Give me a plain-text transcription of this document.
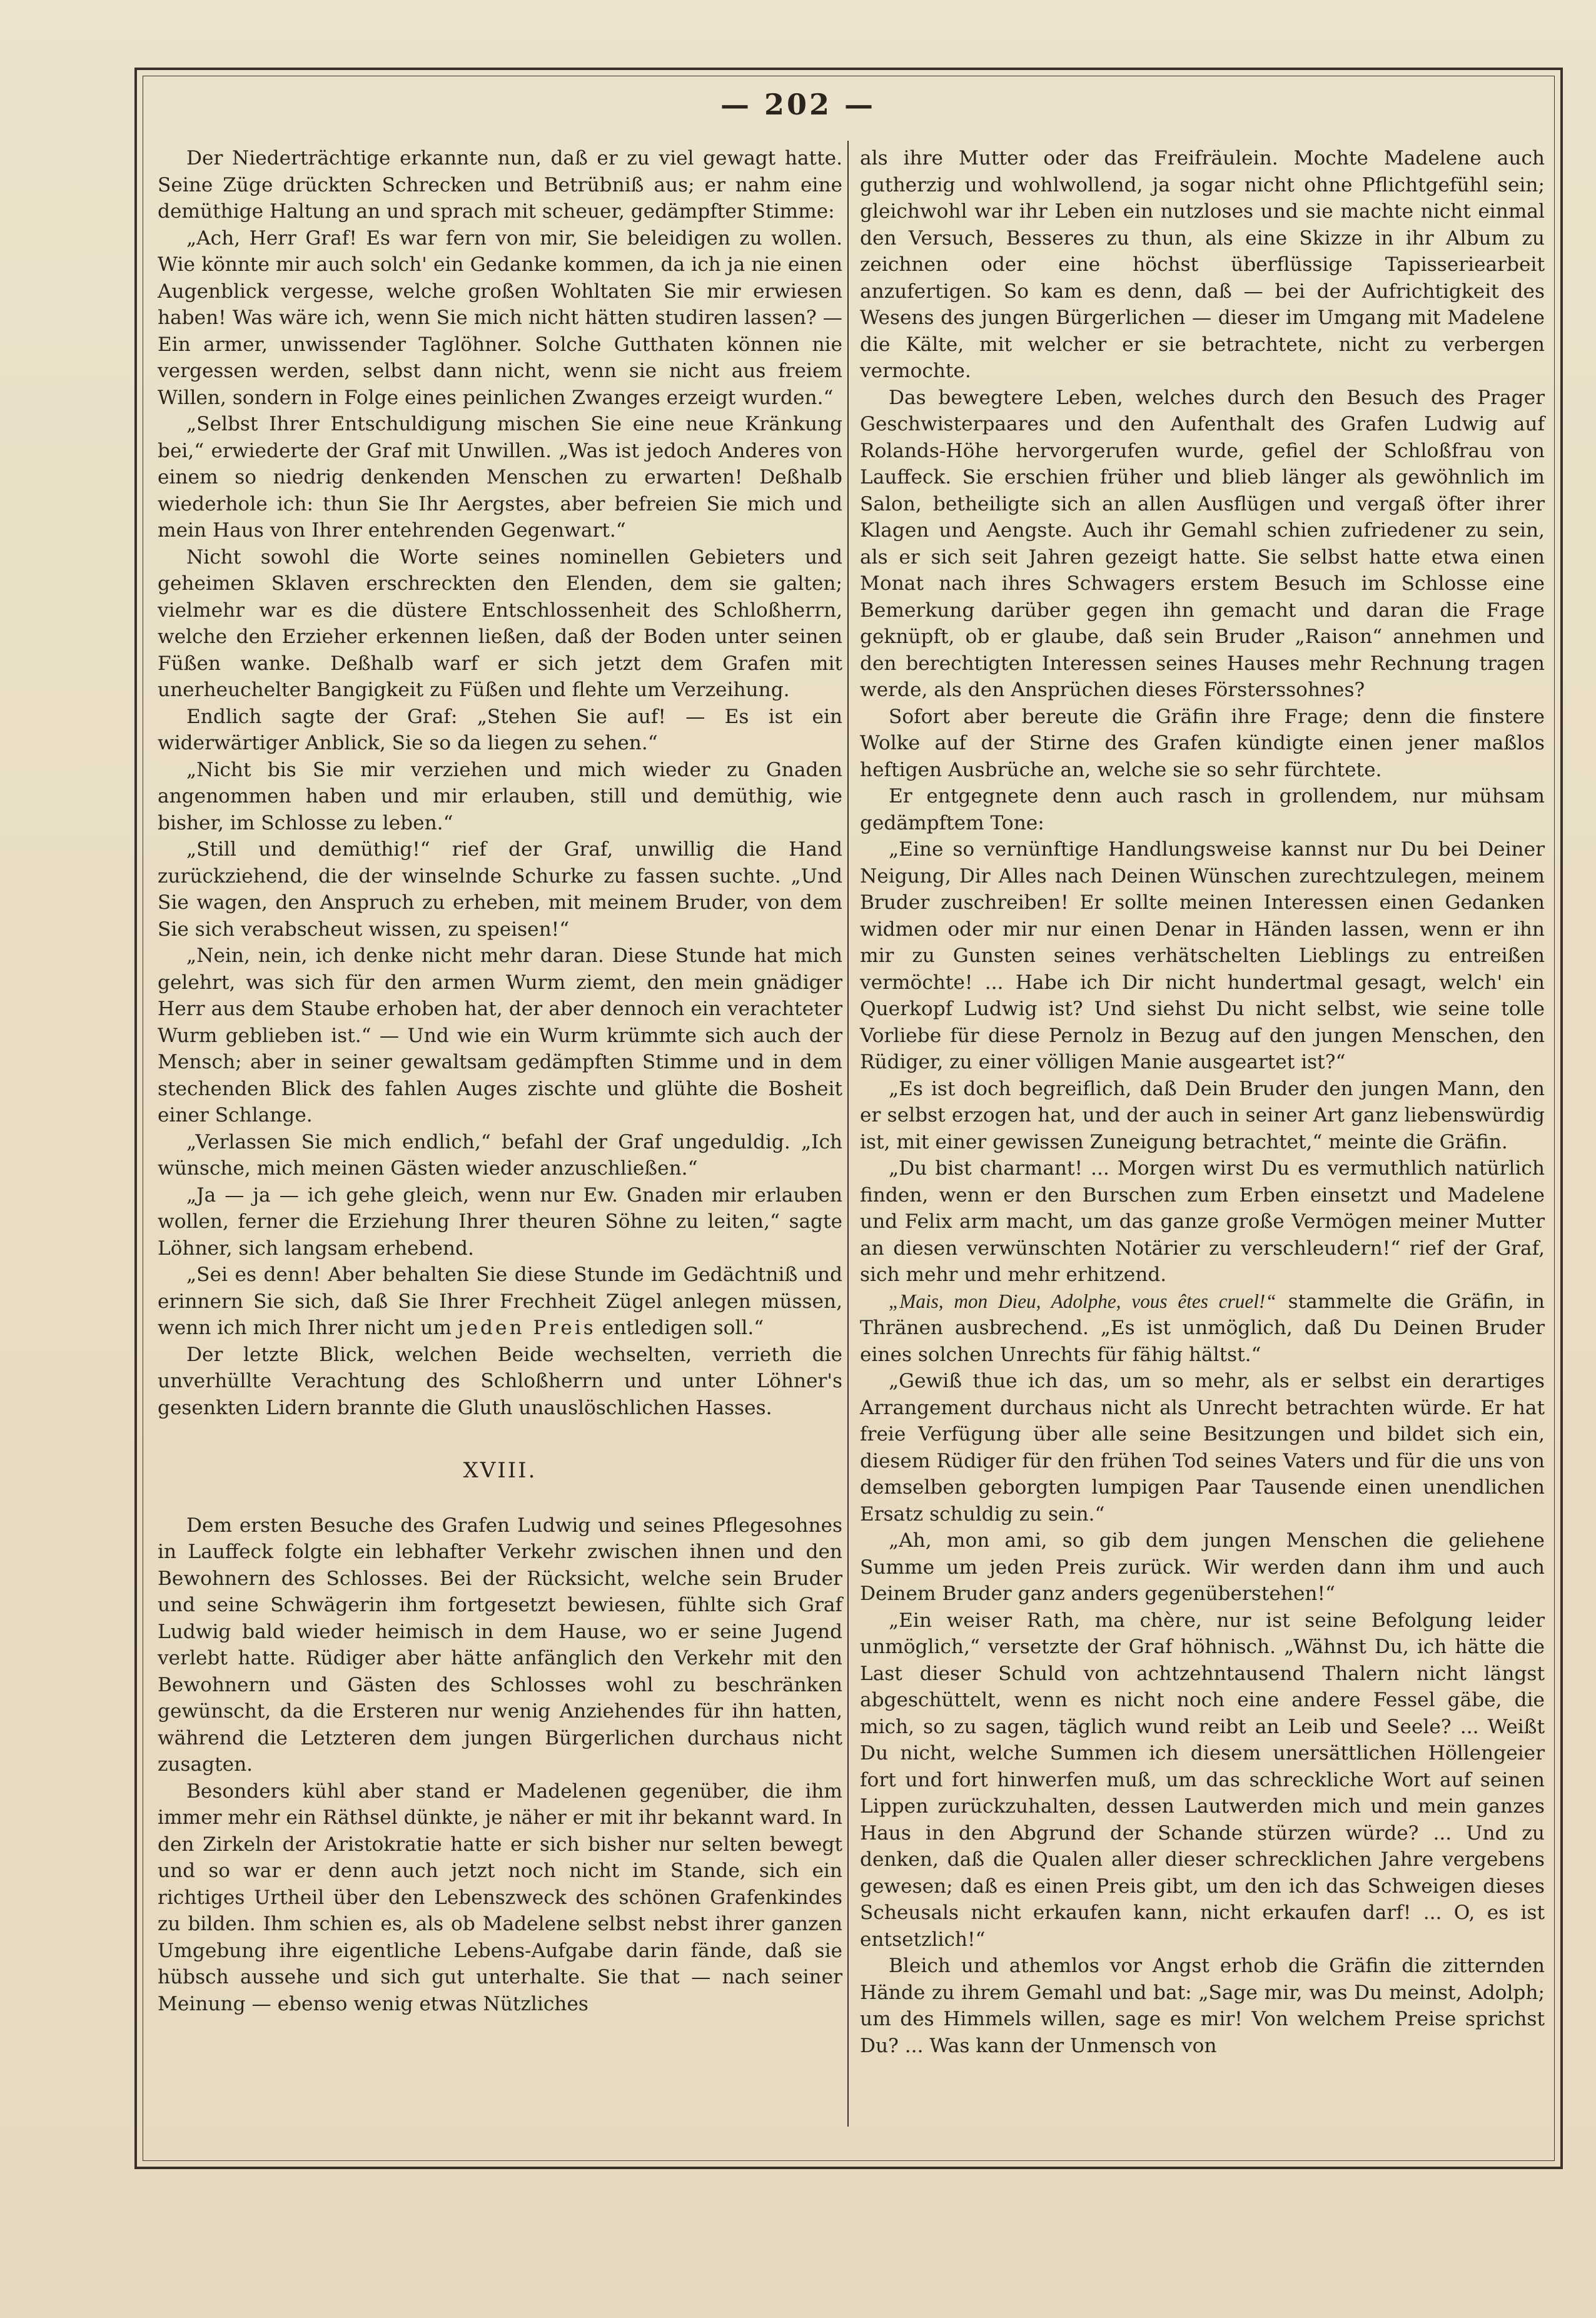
— 202 —

Der Niederträchtige erkannte nun, daß er zu viel gewagt hatte. Seine Züge drückten Schrecken und Betrübniß aus; er nahm eine demüthige Haltung an und sprach mit scheuer, gedämpfter Stimme:

„Ach, Herr Graf! Es war fern von mir, Sie beleidigen zu wollen. Wie könnte mir auch solch' ein Gedanke kommen, da ich ja nie einen Augenblick vergesse, welche großen Wohltaten Sie mir erwiesen haben! Was wäre ich, wenn Sie mich nicht hätten studiren lassen? — Ein armer, unwissender Taglöhner. Solche Gutthaten können nie vergessen werden, selbst dann nicht, wenn sie nicht aus freiem Willen, sondern in Folge eines peinlichen Zwanges erzeigt wurden.“

„Selbst Ihrer Entschuldigung mischen Sie eine neue Kränkung bei,“ erwiederte der Graf mit Unwillen. „Was ist jedoch Anderes von einem so niedrig denkenden Menschen zu erwarten! Deßhalb wiederhole ich: thun Sie Ihr Aergstes, aber befreien Sie mich und mein Haus von Ihrer entehrenden Gegenwart.“

Nicht sowohl die Worte seines nominellen Gebieters und geheimen Sklaven erschreckten den Elenden, dem sie galten; vielmehr war es die düstere Entschlossenheit des Schloßherrn, welche den Erzieher erkennen ließen, daß der Boden unter seinen Füßen wanke. Deßhalb warf er sich jetzt dem Grafen mit unerheuchelter Bangigkeit zu Füßen und flehte um Verzeihung.

Endlich sagte der Graf: „Stehen Sie auf! — Es ist ein widerwärtiger Anblick, Sie so da liegen zu sehen.“

„Nicht bis Sie mir verziehen und mich wieder zu Gnaden angenommen haben und mir erlauben, still und demüthig, wie bisher, im Schlosse zu leben.“

„Still und demüthig!“ rief der Graf, unwillig die Hand zurückziehend, die der winselnde Schurke zu fassen suchte. „Und Sie wagen, den Anspruch zu erheben, mit meinem Bruder, von dem Sie sich verabscheut wissen, zu speisen!“

„Nein, nein, ich denke nicht mehr daran. Diese Stunde hat mich gelehrt, was sich für den armen Wurm ziemt, den mein gnädiger Herr aus dem Staube erhoben hat, der aber dennoch ein verachteter Wurm geblieben ist.“ — Und wie ein Wurm krümmte sich auch der Mensch; aber in seiner gewaltsam gedämpften Stimme und in dem stechenden Blick des fahlen Auges zischte und glühte die Bosheit einer Schlange.

„Verlassen Sie mich endlich,“ befahl der Graf ungeduldig. „Ich wünsche, mich meinen Gästen wieder anzuschließen.“

„Ja — ja — ich gehe gleich, wenn nur Ew. Gnaden mir erlauben wollen, ferner die Erziehung Ihrer theuren Söhne zu leiten,“ sagte Löhner, sich langsam erhebend.

„Sei es denn! Aber behalten Sie diese Stunde im Gedächtniß und erinnern Sie sich, daß Sie Ihrer Frechheit Zügel anlegen müssen, wenn ich mich Ihrer nicht um jeden Preis entledigen soll.“

Der letzte Blick, welchen Beide wechselten, verrieth die unverhüllte Verachtung des Schloßherrn und unter Löhner's gesenkten Lidern brannte die Gluth unauslöschlichen Hasses.

XVIII.

Dem ersten Besuche des Grafen Ludwig und seines Pflegesohnes in Lauffeck folgte ein lebhafter Verkehr zwischen ihnen und den Bewohnern des Schlosses. Bei der Rücksicht, welche sein Bruder und seine Schwägerin ihm fortgesetzt bewiesen, fühlte sich Graf Ludwig bald wieder heimisch in dem Hause, wo er seine Jugend verlebt hatte. Rüdiger aber hätte anfänglich den Verkehr mit den Bewohnern und Gästen des Schlosses wohl zu beschränken gewünscht, da die Ersteren nur wenig Anziehendes für ihn hatten, während die Letzteren dem jungen Bürgerlichen durchaus nicht zusagten.

Besonders kühl aber stand er Madelenen gegenüber, die ihm immer mehr ein Räthsel dünkte, je näher er mit ihr bekannt ward. In den Zirkeln der Aristokratie hatte er sich bisher nur selten bewegt und so war er denn auch jetzt noch nicht im Stande, sich ein richtiges Urtheil über den Lebenszweck des schönen Grafenkindes zu bilden. Ihm schien es, als ob Madelene selbst nebst ihrer ganzen Umgebung ihre eigentliche Lebens-Aufgabe darin fände, daß sie hübsch aussehe und sich gut unterhalte. Sie that — nach seiner Meinung — ebenso wenig etwas Nützliches

als ihre Mutter oder das Freifräulein. Mochte Madelene auch gutherzig und wohlwollend, ja sogar nicht ohne Pflichtgefühl sein; gleichwohl war ihr Leben ein nutzloses und sie machte nicht einmal den Versuch, Besseres zu thun, als eine Skizze in ihr Album zu zeichnen oder eine höchst überflüssige Tapisseriearbeit anzufertigen. So kam es denn, daß — bei der Aufrichtigkeit des Wesens des jungen Bürgerlichen — dieser im Umgang mit Madelene die Kälte, mit welcher er sie betrachtete, nicht zu verbergen vermochte.

Das bewegtere Leben, welches durch den Besuch des Prager Geschwisterpaares und den Aufenthalt des Grafen Ludwig auf Rolands-Höhe hervorgerufen wurde, gefiel der Schloßfrau von Lauffeck. Sie erschien früher und blieb länger als gewöhnlich im Salon, betheiligte sich an allen Ausflügen und vergaß öfter ihrer Klagen und Aengste. Auch ihr Gemahl schien zufriedener zu sein, als er sich seit Jahren gezeigt hatte. Sie selbst hatte etwa einen Monat nach ihres Schwagers erstem Besuch im Schlosse eine Bemerkung darüber gegen ihn gemacht und daran die Frage geknüpft, ob er glaube, daß sein Bruder „Raison“ annehmen und den berechtigten Interessen seines Hauses mehr Rechnung tragen werde, als den Ansprüchen dieses Försterssohnes?

Sofort aber bereute die Gräfin ihre Frage; denn die finstere Wolke auf der Stirne des Grafen kündigte einen jener maßlos heftigen Ausbrüche an, welche sie so sehr fürchtete.

Er entgegnete denn auch rasch in grollendem, nur mühsam gedämpftem Tone:

„Eine so vernünftige Handlungsweise kannst nur Du bei Deiner Neigung, Dir Alles nach Deinen Wünschen zurechtzulegen, meinem Bruder zuschreiben! Er sollte meinen Interessen einen Gedanken widmen oder mir nur einen Denar in Händen lassen, wenn er ihn mir zu Gunsten seines verhätschelten Lieblings zu entreißen vermöchte! ... Habe ich Dir nicht hundertmal gesagt, welch' ein Querkopf Ludwig ist? Und siehst Du nicht selbst, wie seine tolle Vorliebe für diese Pernolz in Bezug auf den jungen Menschen, den Rüdiger, zu einer völligen Manie ausgeartet ist?“

„Es ist doch begreiflich, daß Dein Bruder den jungen Mann, den er selbst erzogen hat, und der auch in seiner Art ganz liebenswürdig ist, mit einer gewissen Zuneigung betrachtet,“ meinte die Gräfin.

„Du bist charmant! ... Morgen wirst Du es vermuthlich natürlich finden, wenn er den Burschen zum Erben einsetzt und Madelene und Felix arm macht, um das ganze große Vermögen meiner Mutter an diesen verwünschten Notärier zu verschleudern!“ rief der Graf, sich mehr und mehr erhitzend.

„Mais, mon Dieu, Adolphe, vous êtes cruel!“ stammelte die Gräfin, in Thränen ausbrechend. „Es ist unmöglich, daß Du Deinen Bruder eines solchen Unrechts für fähig hältst.“

„Gewiß thue ich das, um so mehr, als er selbst ein derartiges Arrangement durchaus nicht als Unrecht betrachten würde. Er hat freie Verfügung über alle seine Besitzungen und bildet sich ein, diesem Rüdiger für den frühen Tod seines Vaters und für die uns von demselben geborgten lumpigen Paar Tausende einen unendlichen Ersatz schuldig zu sein.“

„Ah, mon ami, so gib dem jungen Menschen die geliehene Summe um jeden Preis zurück. Wir werden dann ihm und auch Deinem Bruder ganz anders gegenüberstehen!“

„Ein weiser Rath, ma chère, nur ist seine Befolgung leider unmöglich,“ versetzte der Graf höhnisch. „Wähnst Du, ich hätte die Last dieser Schuld von achtzehntausend Thalern nicht längst abgeschüttelt, wenn es nicht noch eine andere Fessel gäbe, die mich, so zu sagen, täglich wund reibt an Leib und Seele? ... Weißt Du nicht, welche Summen ich diesem unersättlichen Höllengeier fort und fort hinwerfen muß, um das schreckliche Wort auf seinen Lippen zurückzuhalten, dessen Lautwerden mich und mein ganzes Haus in den Abgrund der Schande stürzen würde? ... Und zu denken, daß die Qualen aller dieser schrecklichen Jahre vergebens gewesen; daß es einen Preis gibt, um den ich das Schweigen dieses Scheusals nicht erkaufen kann, nicht erkaufen darf! ... O, es ist entsetzlich!“

Bleich und athemlos vor Angst erhob die Gräfin die zitternden Hände zu ihrem Gemahl und bat: „Sage mir, was Du meinst, Adolph; um des Himmels willen, sage es mir! Von welchem Preise sprichst Du? ... Was kann der Unmensch von
